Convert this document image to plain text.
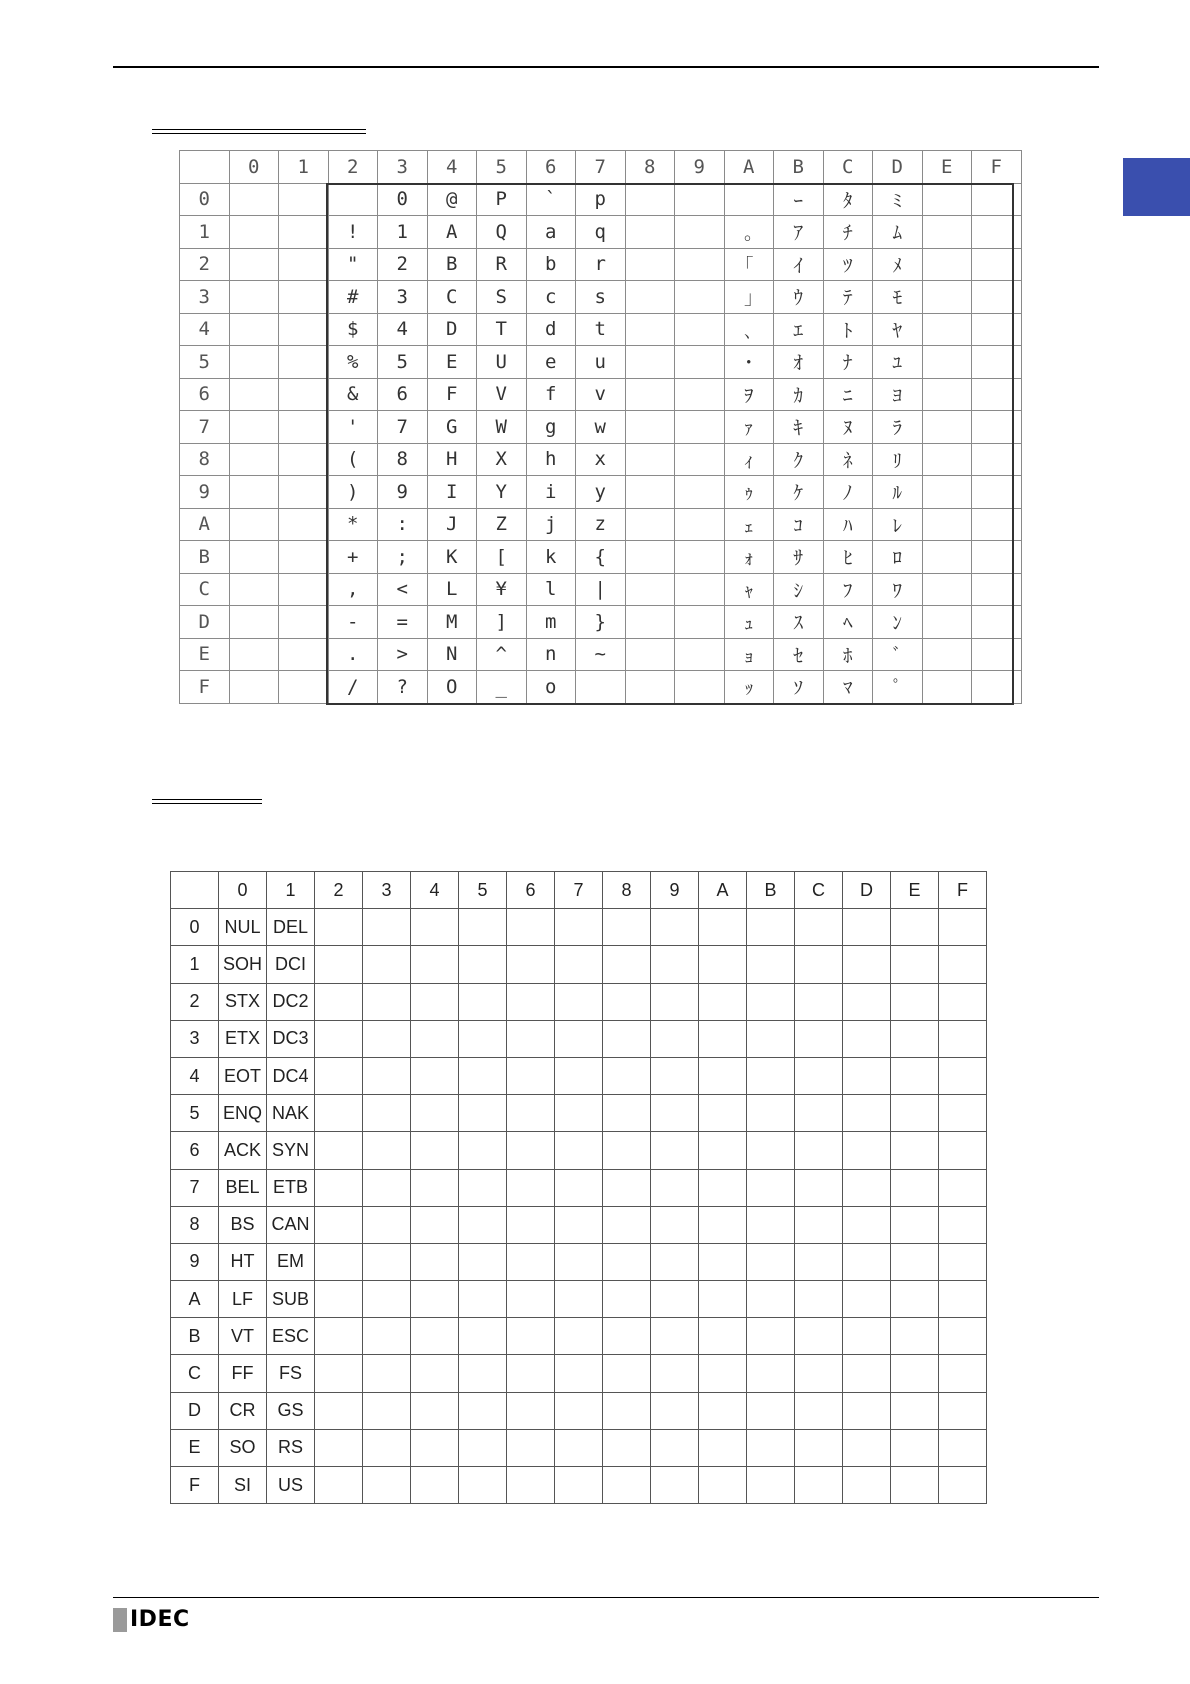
	0	1	2	3	4	5	6	7	8	9	A	B	C	D	E	F
0				0	@	P	`	p				ｰ	ﾀ	ﾐ		
1			!	1	A	Q	a	q			｡	ｱ	ﾁ	ﾑ		
2			"	2	B	R	b	r			｢	ｲ	ﾂ	ﾒ		
3			#	3	C	S	c	s			｣	ｳ	ﾃ	ﾓ		
4			$	4	D	T	d	t			､	ｴ	ﾄ	ﾔ		
5			%	5	E	U	e	u			･	ｵ	ﾅ	ﾕ		
6			&	6	F	V	f	v			ｦ	ｶ	ﾆ	ﾖ		
7			'	7	G	W	g	w			ｧ	ｷ	ﾇ	ﾗ		
8			(	8	H	X	h	x			ｨ	ｸ	ﾈ	ﾘ		
9			)	9	I	Y	i	y			ｩ	ｹ	ﾉ	ﾙ		
A			*	:	J	Z	j	z			ｪ	ｺ	ﾊ	ﾚ		
B			+	;	K	[	k	{			ｫ	ｻ	ﾋ	ﾛ		
C			,	<	L	¥	l	|			ｬ	ｼ	ﾌ	ﾜ		
D			-	=	M	]	m	}			ｭ	ｽ	ﾍ	ﾝ		
E			.	>	N	^	n	~			ｮ	ｾ	ﾎ	ﾞ		
F			/	?	O	_	o				ｯ	ｿ	ﾏ	ﾟ		
	0	1	2	3	4	5	6	7	8	9	A	B	C	D	E	F
0	NUL	DEL														
1	SOH	DCI														
2	STX	DC2														
3	ETX	DC3														
4	EOT	DC4														
5	ENQ	NAK														
6	ACK	SYN														
7	BEL	ETB														
8	BS	CAN														
9	HT	EM														
A	LF	SUB														
B	VT	ESC														
C	FF	FS														
D	CR	GS														
E	SO	RS														
F	SI	US														
IDEC
